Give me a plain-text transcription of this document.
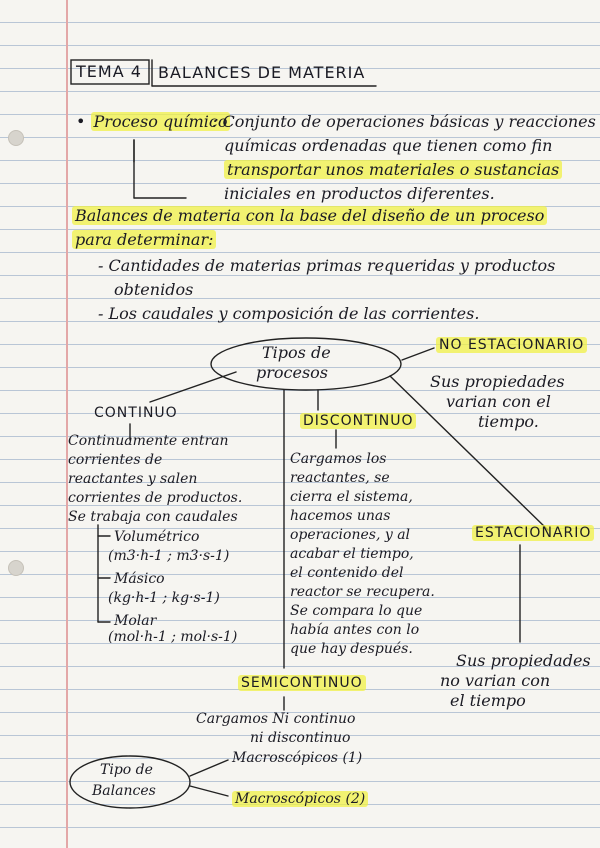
TEMA 4 BALANCES DE MATERIA
• Proceso químico
: Conjunto de operaciones básicas y reacciones
químicas ordenadas que tienen como fin
transportar unos materiales o sustancias
iniciales en productos diferentes.
Balances de materia con la base del diseño de un proceso
para determinar:
- Cantidades de materias primas requeridas y productos
obtenidos
- Los caudales y composición de las corrientes.
Tipos de
procesos
NO ESTACIONARIO
Sus propiedades
varian con el
tiempo.
CONTINUO
Continuamente entran
corrientes de
reactantes y salen
corrientes de productos.
Se trabaja con caudales
Volumétrico
(m3·h-1 ; m3·s-1)
Másico
(kg·h-1 ; kg·s-1)
Molar
(mol·h-1 ; mol·s-1)
DISCONTINUO
Cargamos los
reactantes, se
cierra el sistema,
hacemos unas
operaciones, y al
acabar el tiempo,
el contenido del
reactor se recupera.
Se compara lo que
había antes con lo
que hay después.
ESTACIONARIO
Sus propiedades
no varian con
el tiempo
SEMICONTINUO
Cargamos Ni continuo
ni discontinuo
Tipo de
Balances
Macroscópicos (1)
Macroscópicos (2)
